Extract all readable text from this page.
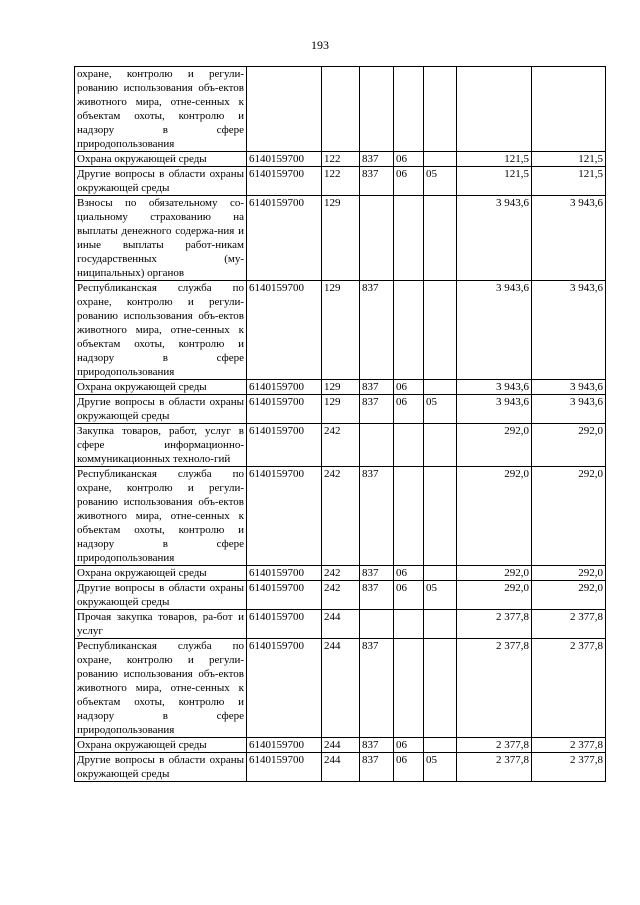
193
охране, контролю и регули-рованию использования объ-ектов животного мира, отне-сенных к объектам охоты, контролю и надзору в сфере природопользования							
Охрана окружающей среды	6140159700	122	837	06		121,5	121,5
Другие вопросы в области охраны окружающей среды	6140159700	122	837	06	05	121,5	121,5
Взносы по обязательному со-циальному страхованию на выплаты денежного содержа-ния и иные выплаты работ-никам государственных (му-ниципальных) органов	6140159700	129				3 943,6	3 943,6
Республиканская служба по охране, контролю и регули-рованию использования объ-ектов животного мира, отне-сенных к объектам охоты, контролю и надзору в сфере природопользования	6140159700	129	837			3 943,6	3 943,6
Охрана окружающей среды	6140159700	129	837	06		3 943,6	3 943,6
Другие вопросы в области охраны окружающей среды	6140159700	129	837	06	05	3 943,6	3 943,6
Закупка товаров, работ, услуг в сфере информационно-коммуникационных техноло-гий	6140159700	242				292,0	292,0
Республиканская служба по охране, контролю и регули-рованию использования объ-ектов животного мира, отне-сенных к объектам охоты, контролю и надзору в сфере природопользования	6140159700	242	837			292,0	292,0
Охрана окружающей среды	6140159700	242	837	06		292,0	292,0
Другие вопросы в области охраны окружающей среды	6140159700	242	837	06	05	292,0	292,0
Прочая закупка товаров, ра-бот и услуг	6140159700	244				2 377,8	2 377,8
Республиканская служба по охране, контролю и регули-рованию использования объ-ектов животного мира, отне-сенных к объектам охоты, контролю и надзору в сфере природопользования	6140159700	244	837			2 377,8	2 377,8
Охрана окружающей среды	6140159700	244	837	06		2 377,8	2 377,8
Другие вопросы в области охраны окружающей среды	6140159700	244	837	06	05	2 377,8	2 377,8
